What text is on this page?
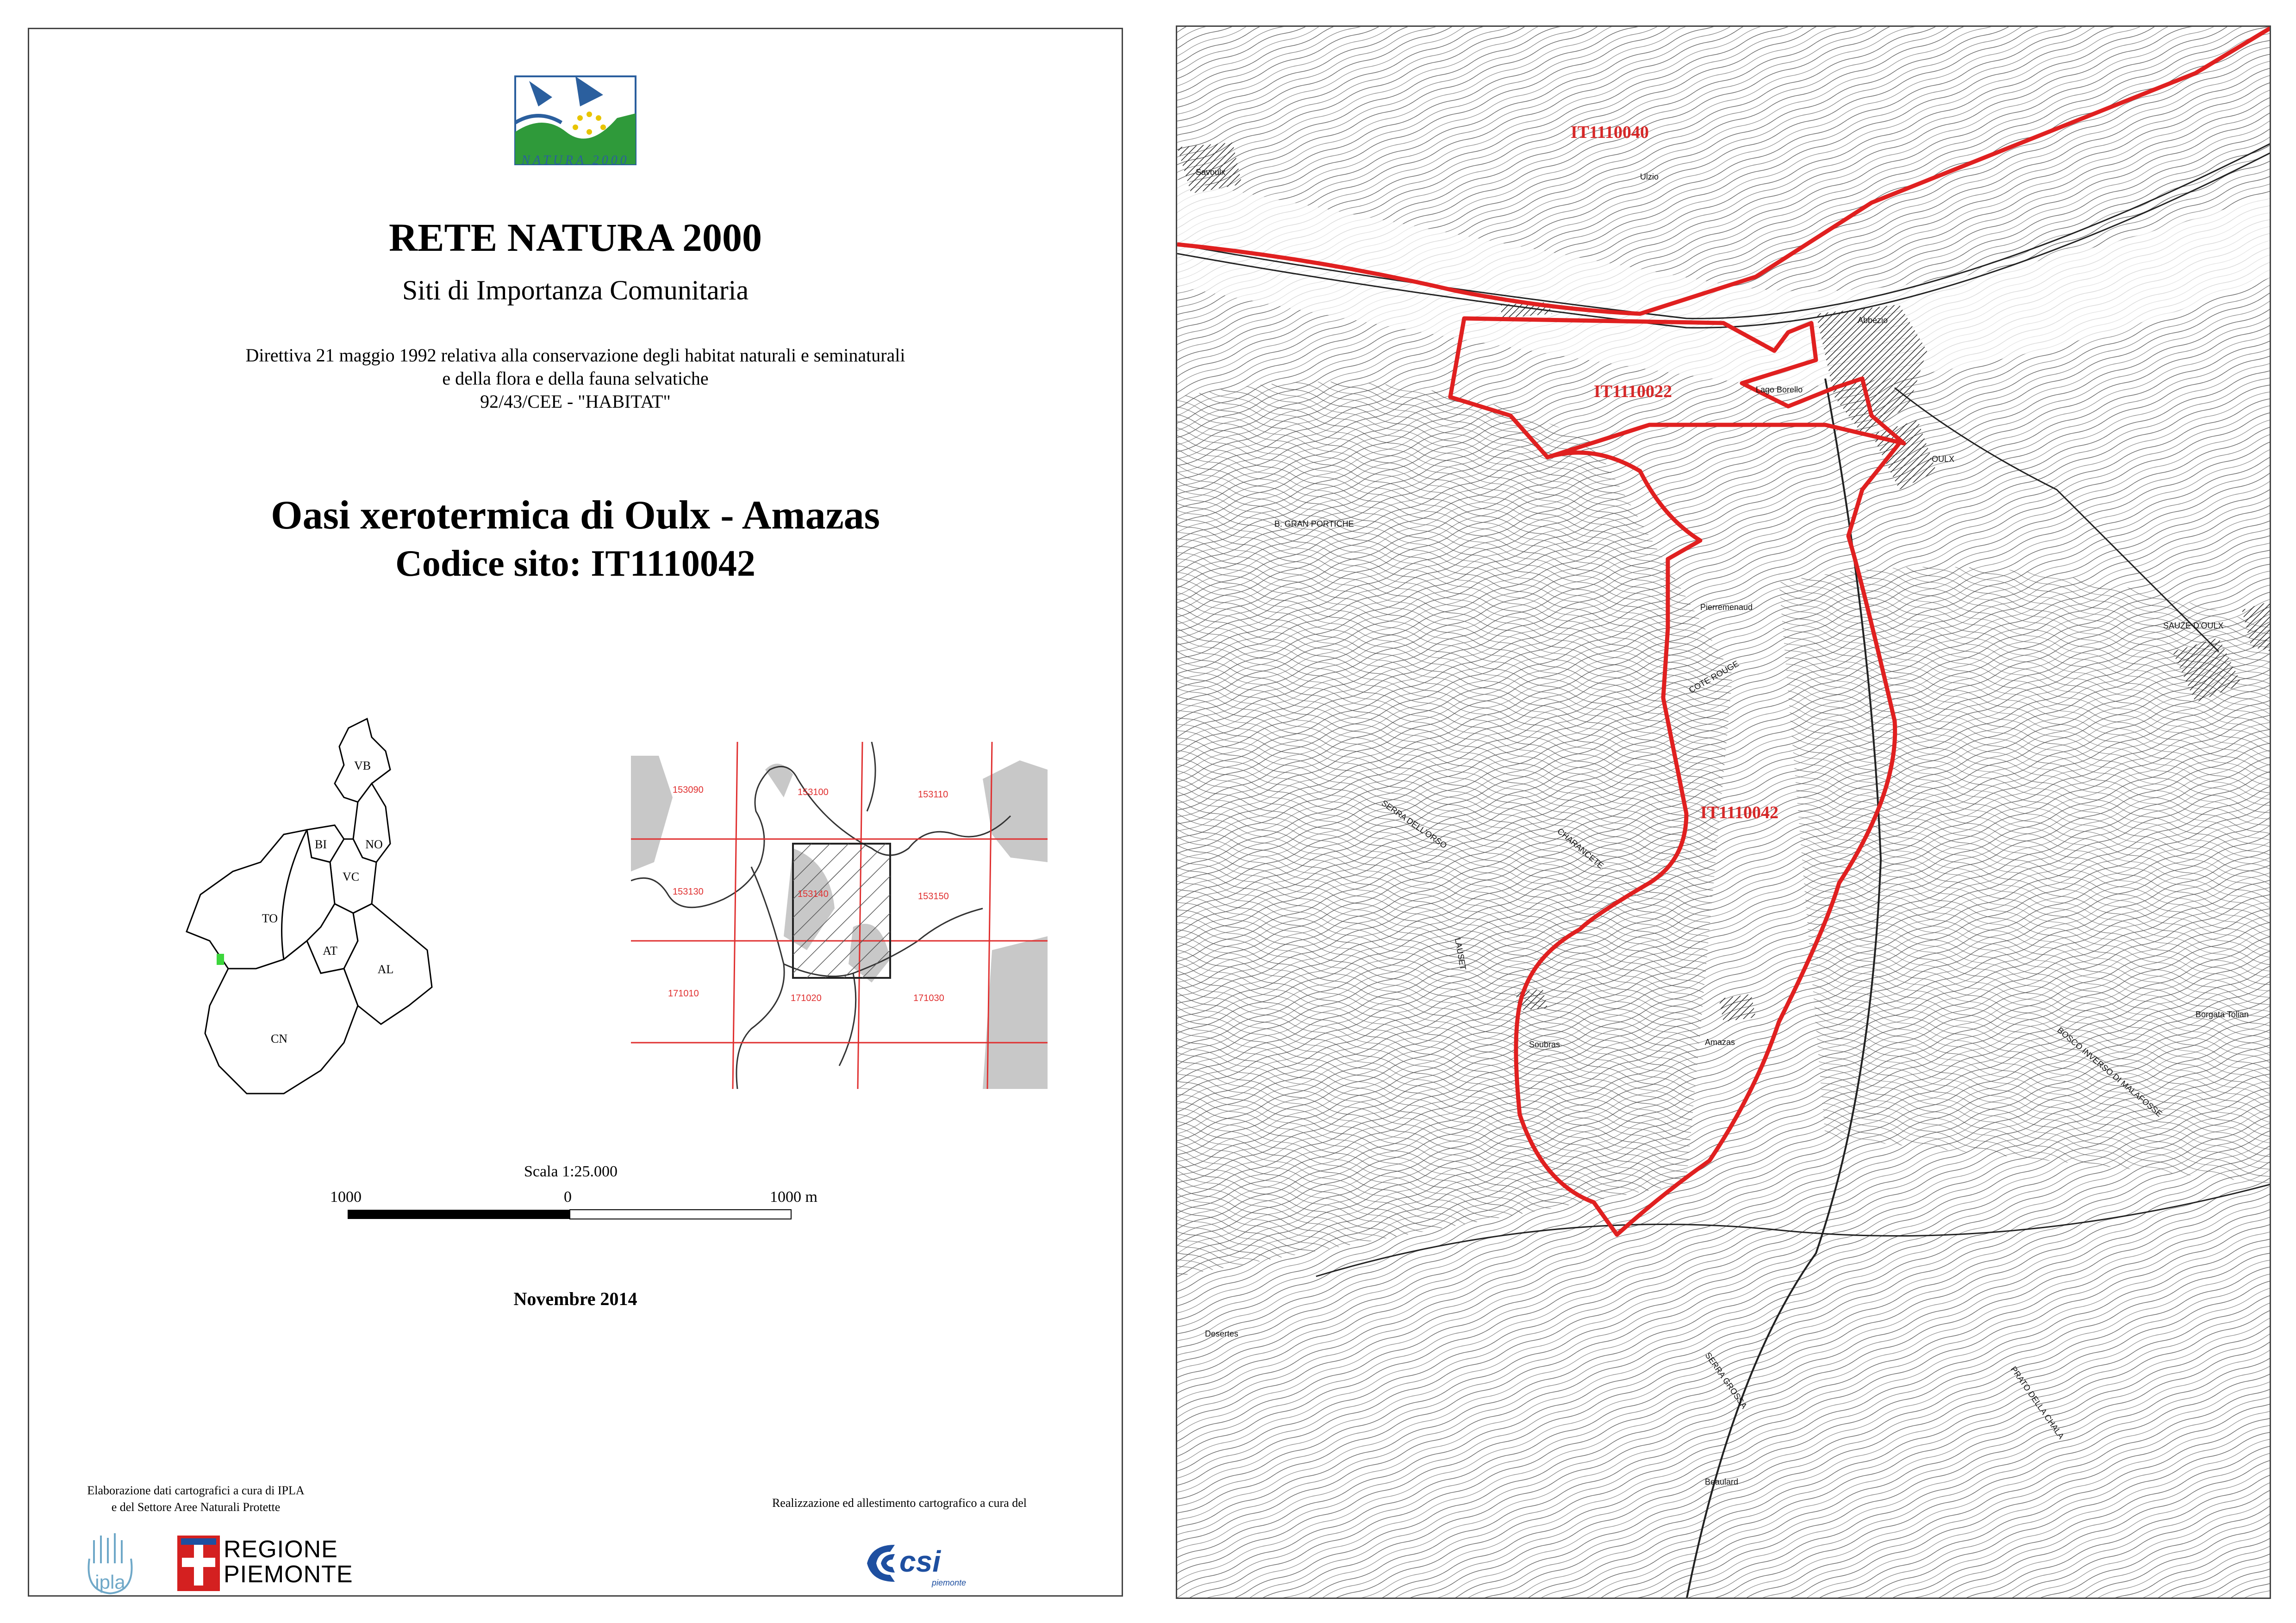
NATURA 2000
RETE NATURA 2000
Siti di Importanza Comunitaria
Direttiva 21 maggio 1992 relativa alla conservazione degli habitat naturali e seminaturali
e della flora e della fauna selvatiche
92/43/CEE - "HABITAT"
Oasi xerotermica di Oulx - Amazas
Codice sito: IT1110042
VB
BI	NO
TO
VC
AT
AL
CN
153090	153100	153110
153130	153140	153150
171010	171020	171030
Scala 1:25.000
1000	0	1000 m
Novembre 2014
Elaborazione dati cartografici a cura di IPLA
e del Settore Aree Naturali Protette	Realizzazione ed allestimento cartografico a cura del
ipla
REGIONE
PIEMONTE	csi
piemonte
IT1110040
IT1110022
IT1110042
Savoulx
Abbezio
OULX
Lago Borello
B. GRAN PORTICHE
SERRA DELL'ORSO	CHARANCETE
LAUSET
SAUZE D'OULX
Soubras	Amazas
Borgata Tolian
BOSCO INVERSO DI MALAFOSSE
Beaulard
Ulzio
PRATO DELLA CHALA
SERRA GROSSA
Desertes
COTE ROUGE
Pierremenaud
